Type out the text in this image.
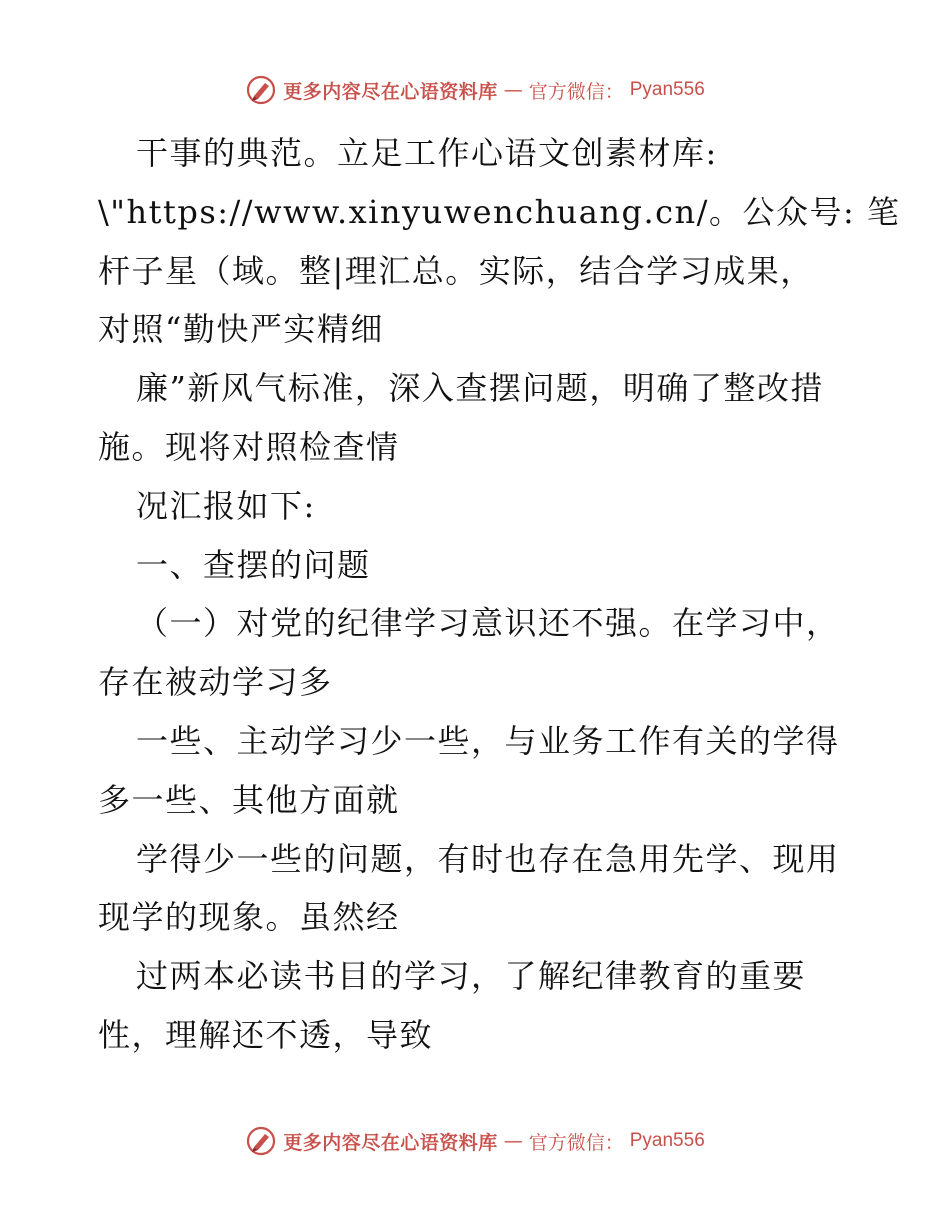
更多内容尽在心语资料库 — 官方微信： Pyan556
干事的典范。立足工作心语文创素材库:
\"https://www.xinyuwenchuang.cn/。公众号: 笔
杆子星（域。整|理汇总。实际，结合学习成果，
对照“勤快严实精细
廉”新风气标准，深入查摆问题，明确了整改措
施。现将对照检查情
况汇报如下:
一、查摆的问题
（一）对党的纪律学习意识还不强。在学习中，
存在被动学习多
一些、主动学习少一些，与业务工作有关的学得
多一些、其他方面就
学得少一些的问题，有时也存在急用先学、现用
现学的现象。虽然经
过两本必读书目的学习，了解纪律教育的重要
性，理解还不透，导致
更多内容尽在心语资料库 — 官方微信： Pyan556
